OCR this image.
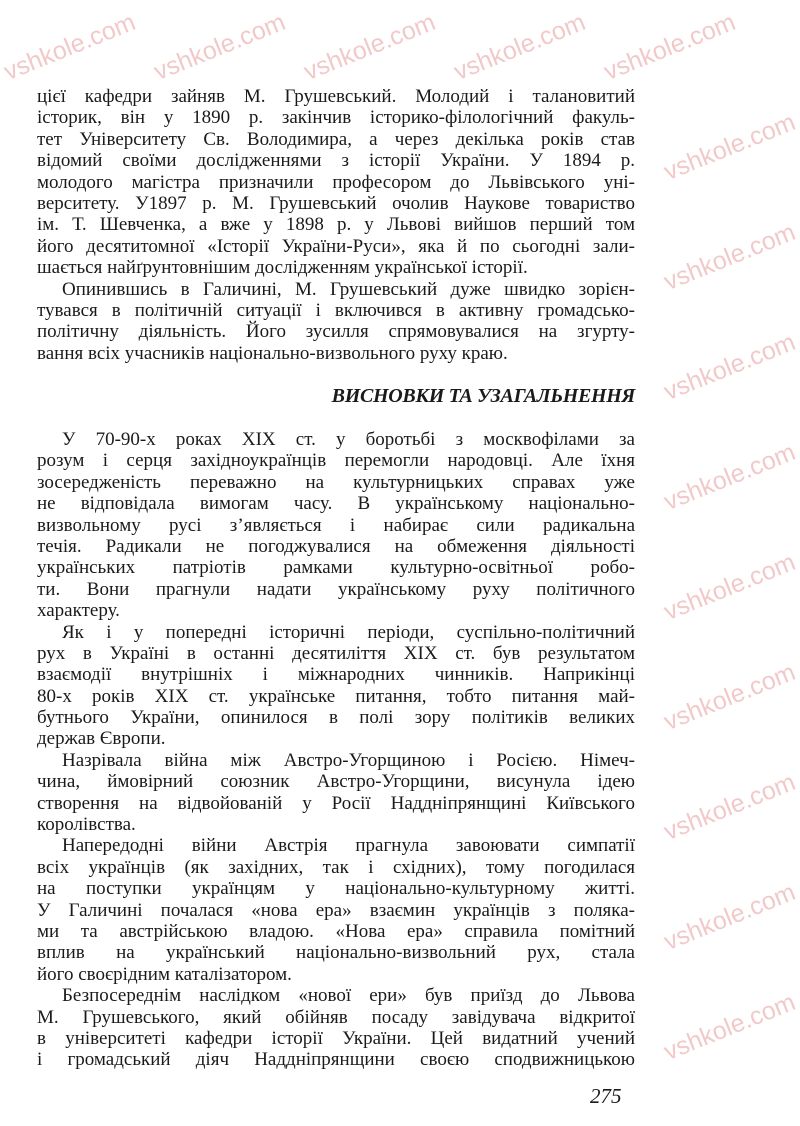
vshkole.com vshkole.com vshkole.com vshkole.com vshkole.com
vshkole.com
vshkole.com
vshkole.com
vshkole.com
vshkole.com
vshkole.com
vshkole.com
vshkole.com
vshkole.com
цієї кафедри зайняв М. Грушевський. Молодий і талановитий
історик, він у 1890 р. закінчив історико-філологічний факуль-
тет Університету Св. Володимира, а через декілька років став
відомий своїми дослідженнями з історії України. У 1894 р.
молодого магістра призначили професором до Львівського уні-
верситету. У1897 р. М. Грушевський очолив Наукове товариство
ім. Т. Шевченка, а вже у 1898 р. у Львові вийшов перший том
його десятитомної «Історії України-Руси», яка й по сьогодні зали-
шається найґрунтовнішим дослідженням української історії.
Опинившись в Галичині, М. Грушевський дуже швидко зорієн-
тувався в політичній ситуації і включився в активну громадсько-
політичну діяльність. Його зусилля спрямовувалися на згурту-
вання всіх учасників національно-визвольного руху краю.
ВИСНОВКИ ТА УЗАГАЛЬНЕННЯ
У 70-90-х роках XIX ст. у боротьбі з москвофілами за
розум і серця західноукраїнців перемогли народовці. Але їхня
зосередженість переважно на культурницьких справах уже
не відповідала вимогам часу. В українському національно-
визвольному русі з’являється і набирає сили радикальна
течія. Радикали не погоджувалися на обмеження діяльності
українських патріотів рамками культурно-освітньої робо-
ти. Вони прагнули надати українському руху політичного
характеру.
Як і у попередні історичні періоди, суспільно-політичний
рух в Україні в останні десятиліття XIX ст. був результатом
взаємодії внутрішніх і міжнародних чинників. Наприкінці
80-х років XIX ст. українське питання, тобто питання май-
бутнього України, опинилося в полі зору політиків великих
держав Європи.
Назрівала війна між Австро-Угорщиною і Росією. Німеч-
чина, ймовірний союзник Австро-Угорщини, висунула ідею
створення на відвойованій у Росії Наддніпрянщині Київського
королівства.
Напередодні війни Австрія прагнула завоювати симпатії
всіх українців (як західних, так і східних), тому погодилася
на поступки українцям у національно-культурному житті.
У Галичині почалася «нова ера» взаємин українців з поляка-
ми та австрійською владою. «Нова ера» справила помітний
вплив на український національно-визвольний рух, стала
його своєрідним каталізатором.
Безпосереднім наслідком «нової ери» був приїзд до Львова
М. Грушевського, який обійняв посаду завідувача відкритої
в університеті кафедри історії України. Цей видатний учений
і громадський діяч Наддніпрянщини своєю сподвижницькою
275
